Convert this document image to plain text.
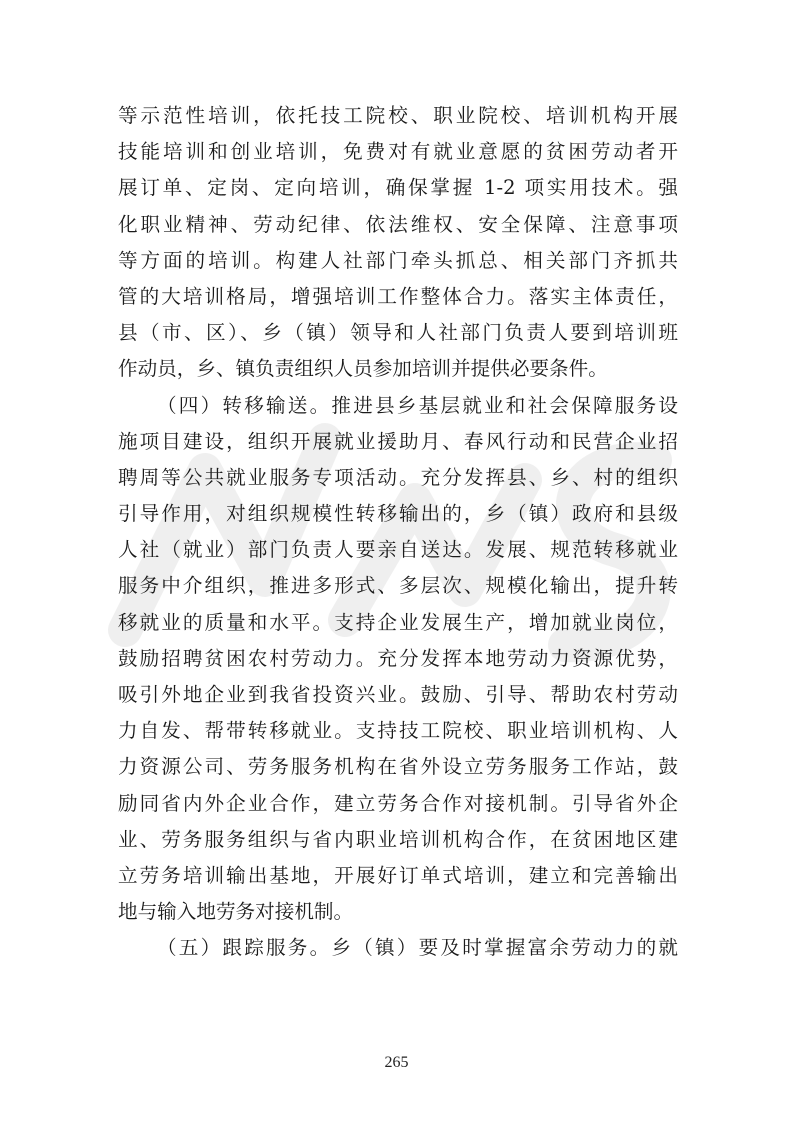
等示范性培训，依托技工院校、职业院校、培训机构开展
技能培训和创业培训，免费对有就业意愿的贫困劳动者开
展订单、定岗、定向培训，确保掌握 1-2 项实用技术。强
化职业精神、劳动纪律、依法维权、安全保障、注意事项
等方面的培训。构建人社部门牵头抓总、相关部门齐抓共
管的大培训格局，增强培训工作整体合力。落实主体责任，
县（市、区）、乡（镇）领导和人社部门负责人要到培训班
作动员，乡、镇负责组织人员参加培训并提供必要条件。
（四）转移输送。推进县乡基层就业和社会保障服务设
施项目建设，组织开展就业援助月、春风行动和民营企业招
聘周等公共就业服务专项活动。充分发挥县、乡、村的组织
引导作用，对组织规模性转移输出的，乡（镇）政府和县级
人社（就业）部门负责人要亲自送达。发展、规范转移就业
服务中介组织，推进多形式、多层次、规模化输出，提升转
移就业的质量和水平。支持企业发展生产，增加就业岗位，
鼓励招聘贫困农村劳动力。充分发挥本地劳动力资源优势，
吸引外地企业到我省投资兴业。鼓励、引导、帮助农村劳动
力自发、帮带转移就业。支持技工院校、职业培训机构、人
力资源公司、劳务服务机构在省外设立劳务服务工作站，鼓
励同省内外企业合作，建立劳务合作对接机制。引导省外企
业、劳务服务组织与省内职业培训机构合作，在贫困地区建
立劳务培训输出基地，开展好订单式培训，建立和完善输出
地与输入地劳务对接机制。
（五）跟踪服务。乡（镇）要及时掌握富余劳动力的就
265
